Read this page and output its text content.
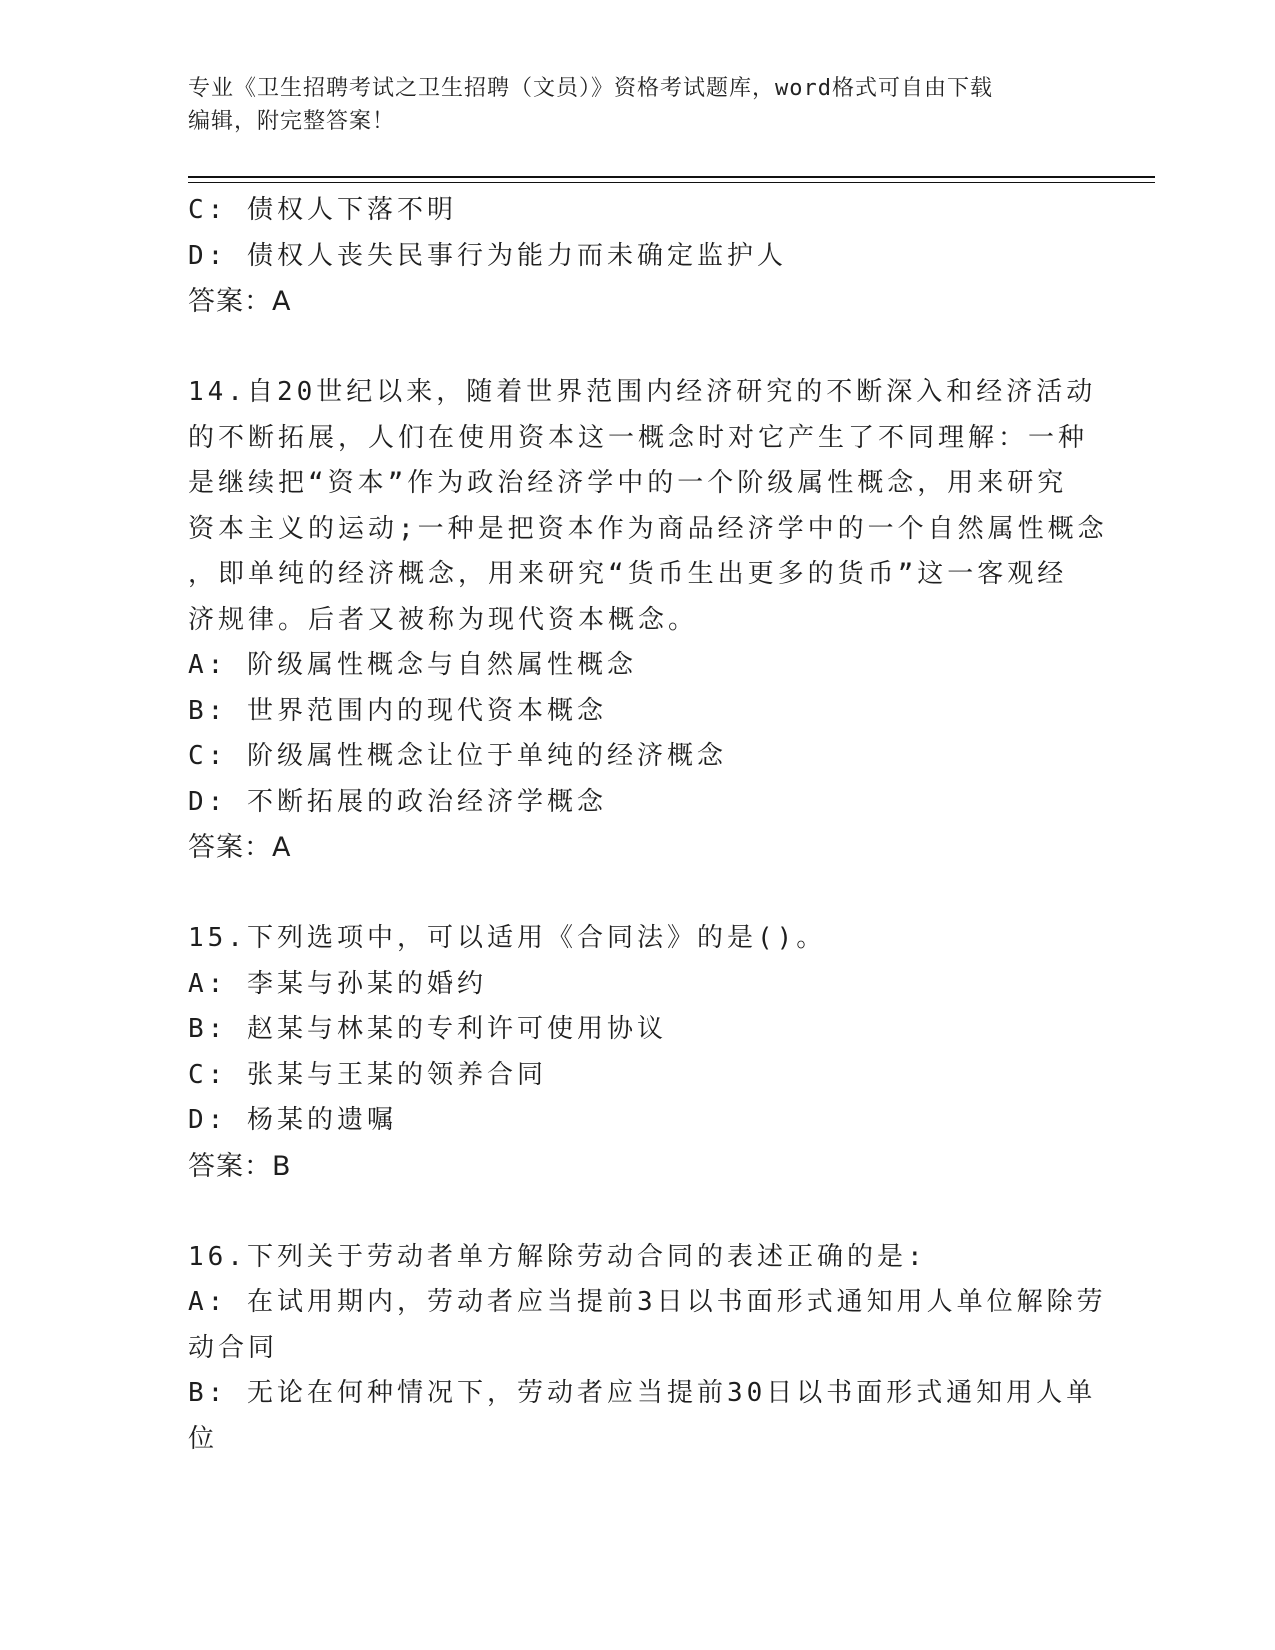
专业《卫生招聘考试之卫生招聘（文员）》资格考试题库，word格式可自由下载
编辑，附完整答案！
C: 债权人下落不明
D: 债权人丧失民事行为能力而未确定监护人
答案：A
14.自20世纪以来，随着世界范围内经济研究的不断深入和经济活动
的不断拓展，人们在使用资本这一概念时对它产生了不同理解：一种
是继续把“资本”作为政治经济学中的一个阶级属性概念，用来研究
资本主义的运动;一种是把资本作为商品经济学中的一个自然属性概念
，即单纯的经济概念，用来研究“货币生出更多的货币”这一客观经
济规律。后者又被称为现代资本概念。
A: 阶级属性概念与自然属性概念
B: 世界范围内的现代资本概念
C: 阶级属性概念让位于单纯的经济概念
D: 不断拓展的政治经济学概念
答案：A
15.下列选项中，可以适用《合同法》的是()。
A: 李某与孙某的婚约
B: 赵某与林某的专利许可使用协议
C: 张某与王某的领养合同
D: 杨某的遗嘱
答案：B
16.下列关于劳动者单方解除劳动合同的表述正确的是:
A: 在试用期内，劳动者应当提前3日以书面形式通知用人单位解除劳
动合同
B: 无论在何种情况下，劳动者应当提前30日以书面形式通知用人单
位
